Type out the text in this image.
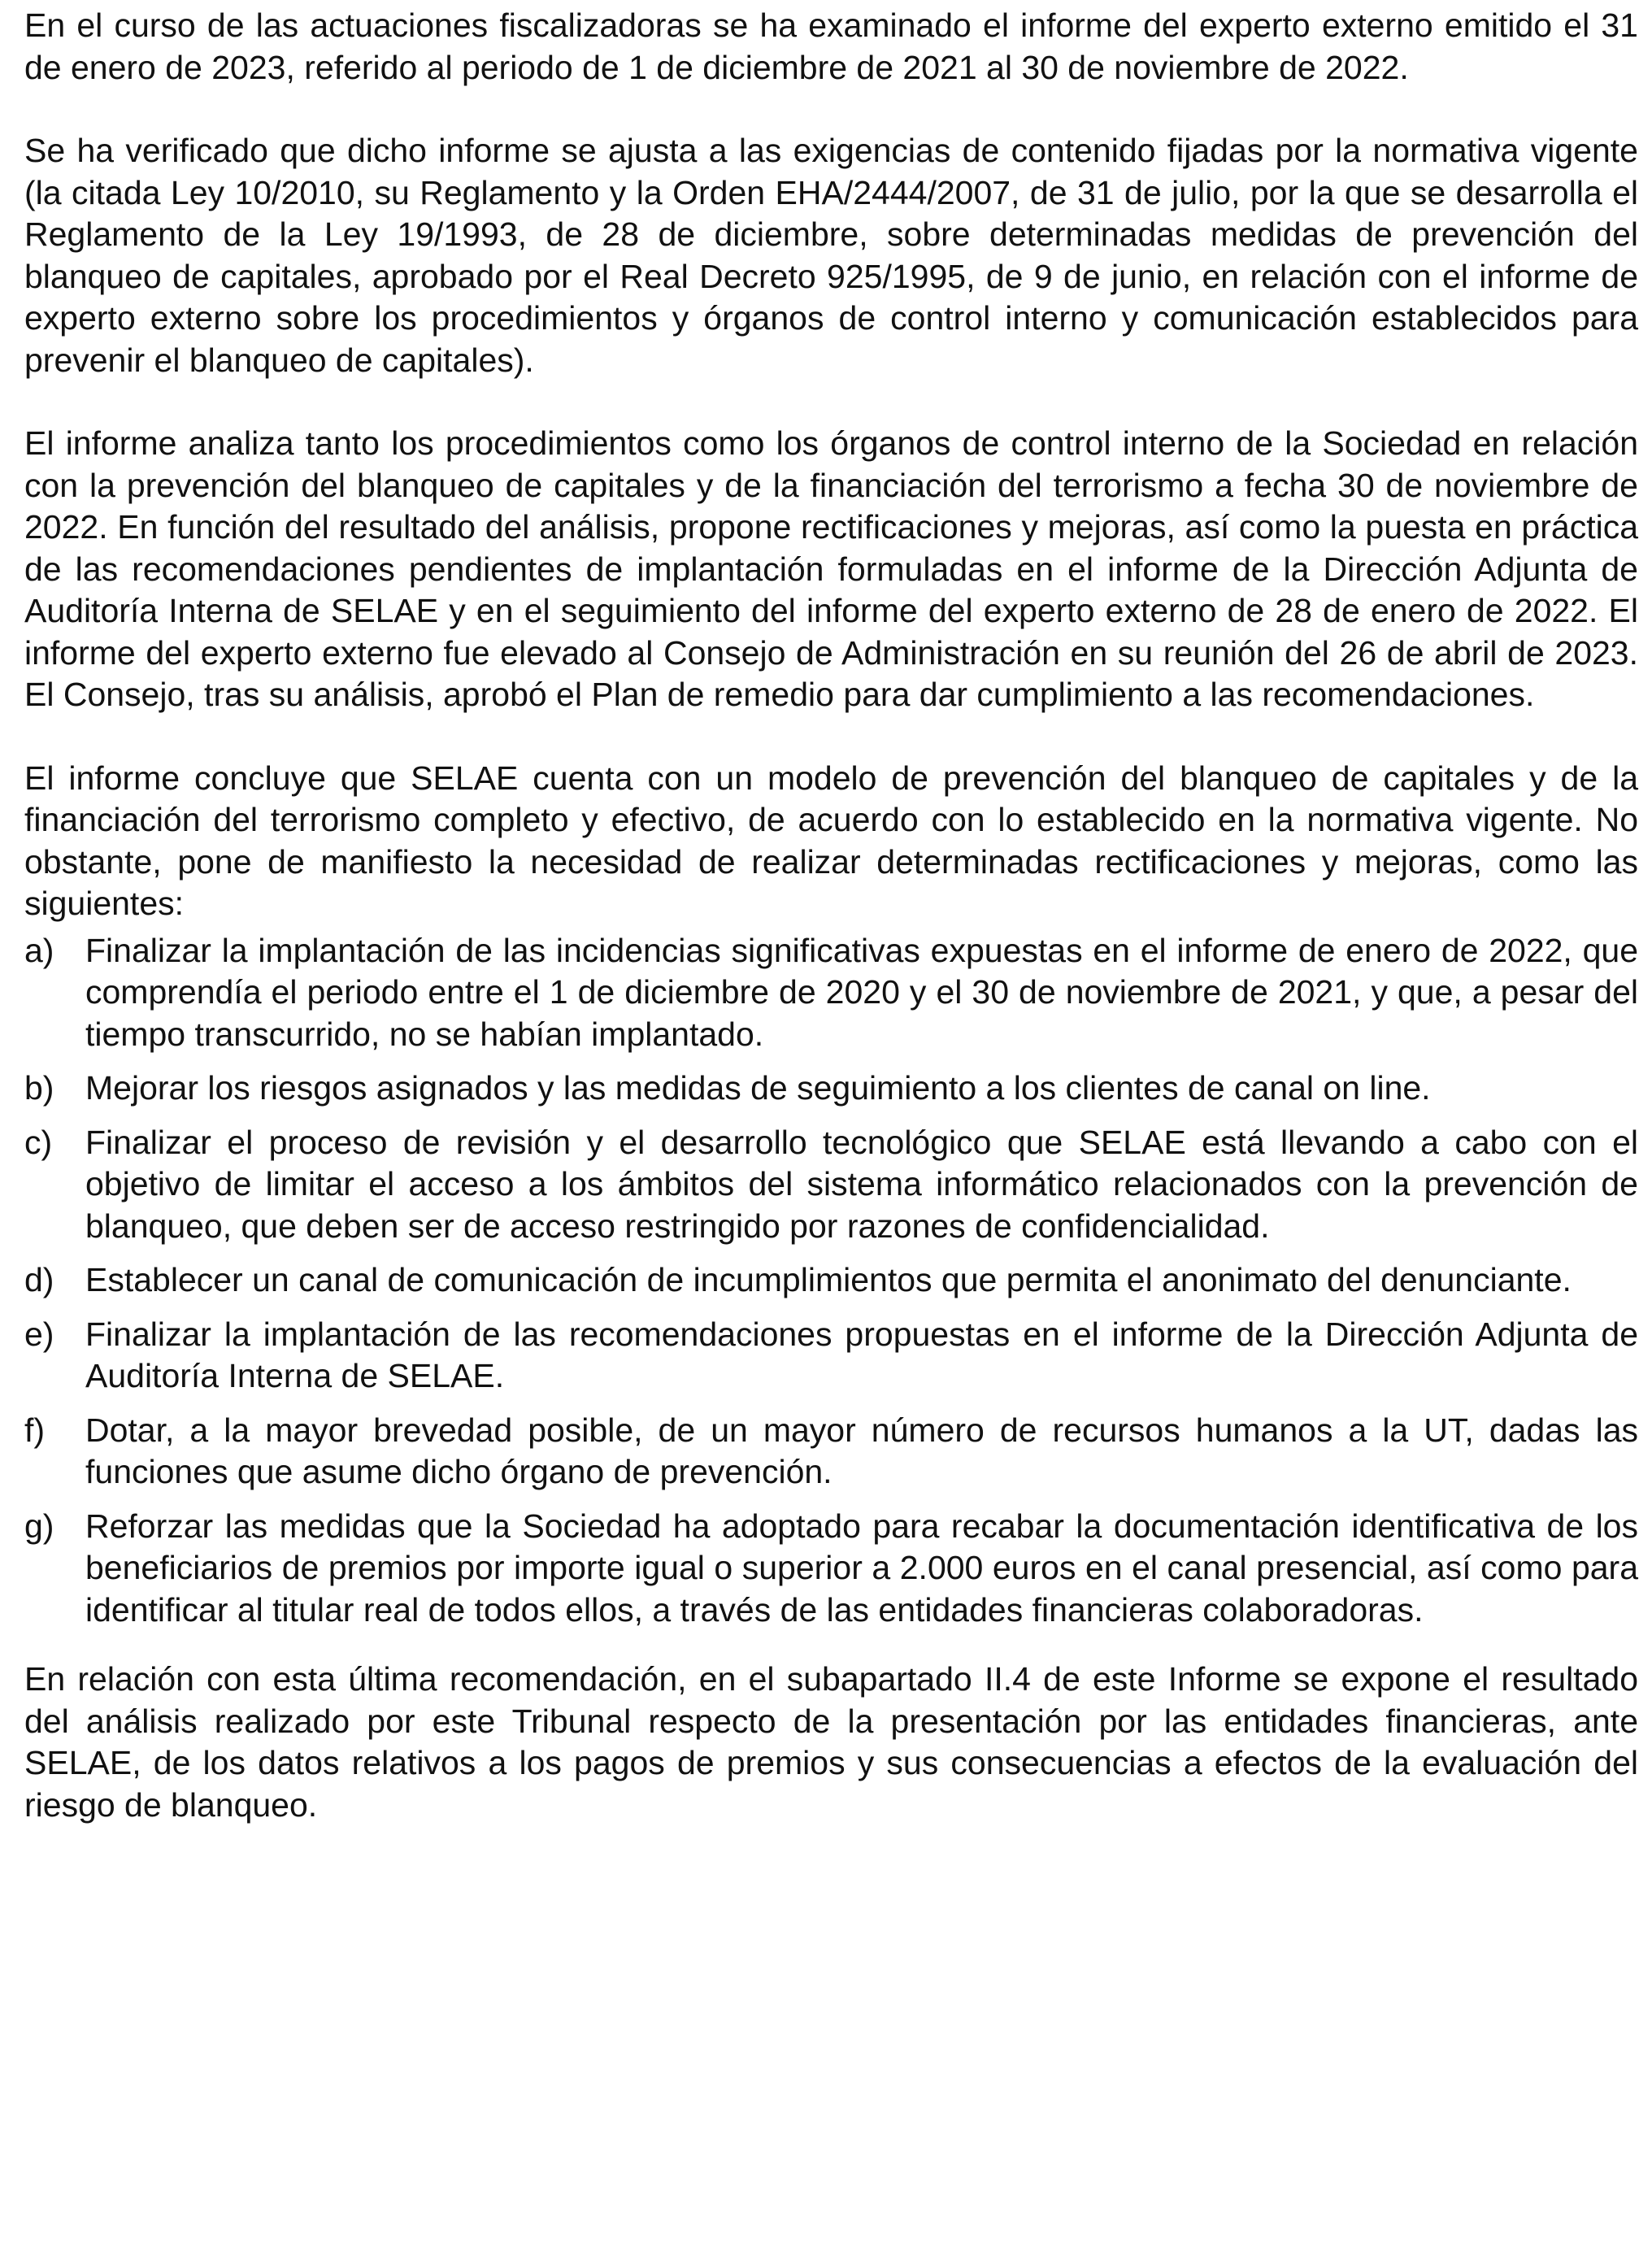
En el curso de las actuaciones fiscalizadoras se ha examinado el informe del experto externo emitido el 31 de enero de 2023, referido al periodo de 1 de diciembre de 2021 al 30 de noviembre de 2022.

Se ha verificado que dicho informe se ajusta a las exigencias de contenido fijadas por la normativa vigente (la citada Ley 10/2010, su Reglamento y la Orden EHA/2444/2007, de 31 de julio, por la que se desarrolla el Reglamento de la Ley 19/1993, de 28 de diciembre, sobre determinadas medidas de prevención del blanqueo de capitales, aprobado por el Real Decreto 925/1995, de 9 de junio, en relación con el informe de experto externo sobre los procedimientos y órganos de control interno y comunicación establecidos para prevenir el blanqueo de capitales).

El informe analiza tanto los procedimientos como los órganos de control interno de la Sociedad en relación con la prevención del blanqueo de capitales y de la financiación del terrorismo a fecha 30 de noviembre de 2022. En función del resultado del análisis, propone rectificaciones y mejoras, así como la puesta en práctica de las recomendaciones pendientes de implantación formuladas en el informe de la Dirección Adjunta de Auditoría Interna de SELAE y en el seguimiento del informe del experto externo de 28 de enero de 2022. El informe del experto externo fue elevado al Consejo de Administración en su reunión del 26 de abril de 2023. El Consejo, tras su análisis, aprobó el Plan de remedio para dar cumplimiento a las recomendaciones.

El informe concluye que SELAE cuenta con un modelo de prevención del blanqueo de capitales y de la financiación del terrorismo completo y efectivo, de acuerdo con lo establecido en la normativa vigente. No obstante, pone de manifiesto la necesidad de realizar determinadas rectificaciones y mejoras, como las siguientes:

a) Finalizar la implantación de las incidencias significativas expuestas en el informe de enero de 2022, que comprendía el periodo entre el 1 de diciembre de 2020 y el 30 de noviembre de 2021, y que, a pesar del tiempo transcurrido, no se habían implantado.
b) Mejorar los riesgos asignados y las medidas de seguimiento a los clientes de canal on line.
c) Finalizar el proceso de revisión y el desarrollo tecnológico que SELAE está llevando a cabo con el objetivo de limitar el acceso a los ámbitos del sistema informático relacionados con la prevención de blanqueo, que deben ser de acceso restringido por razones de confidencialidad.
d) Establecer un canal de comunicación de incumplimientos que permita el anonimato del denunciante.
e) Finalizar la implantación de las recomendaciones propuestas en el informe de la Dirección Adjunta de Auditoría Interna de SELAE.
f)	Dotar, a la mayor brevedad posible, de un mayor número de recursos humanos a la UT, dadas las funciones que asume dicho órgano de prevención.
g) Reforzar las medidas que la Sociedad ha adoptado para recabar la documentación identificativa de los beneficiarios de premios por importe igual o superior a 2.000 euros en el canal presencial, así como para identificar al titular real de todos ellos, a través de las entidades financieras colaboradoras.

En relación con esta última recomendación, en el subapartado II.4 de este Informe se expone el resultado del análisis realizado por este Tribunal respecto de la presentación por las entidades financieras, ante SELAE, de los datos relativos a los pagos de premios y sus consecuencias a efectos de la evaluación del riesgo de blanqueo.
